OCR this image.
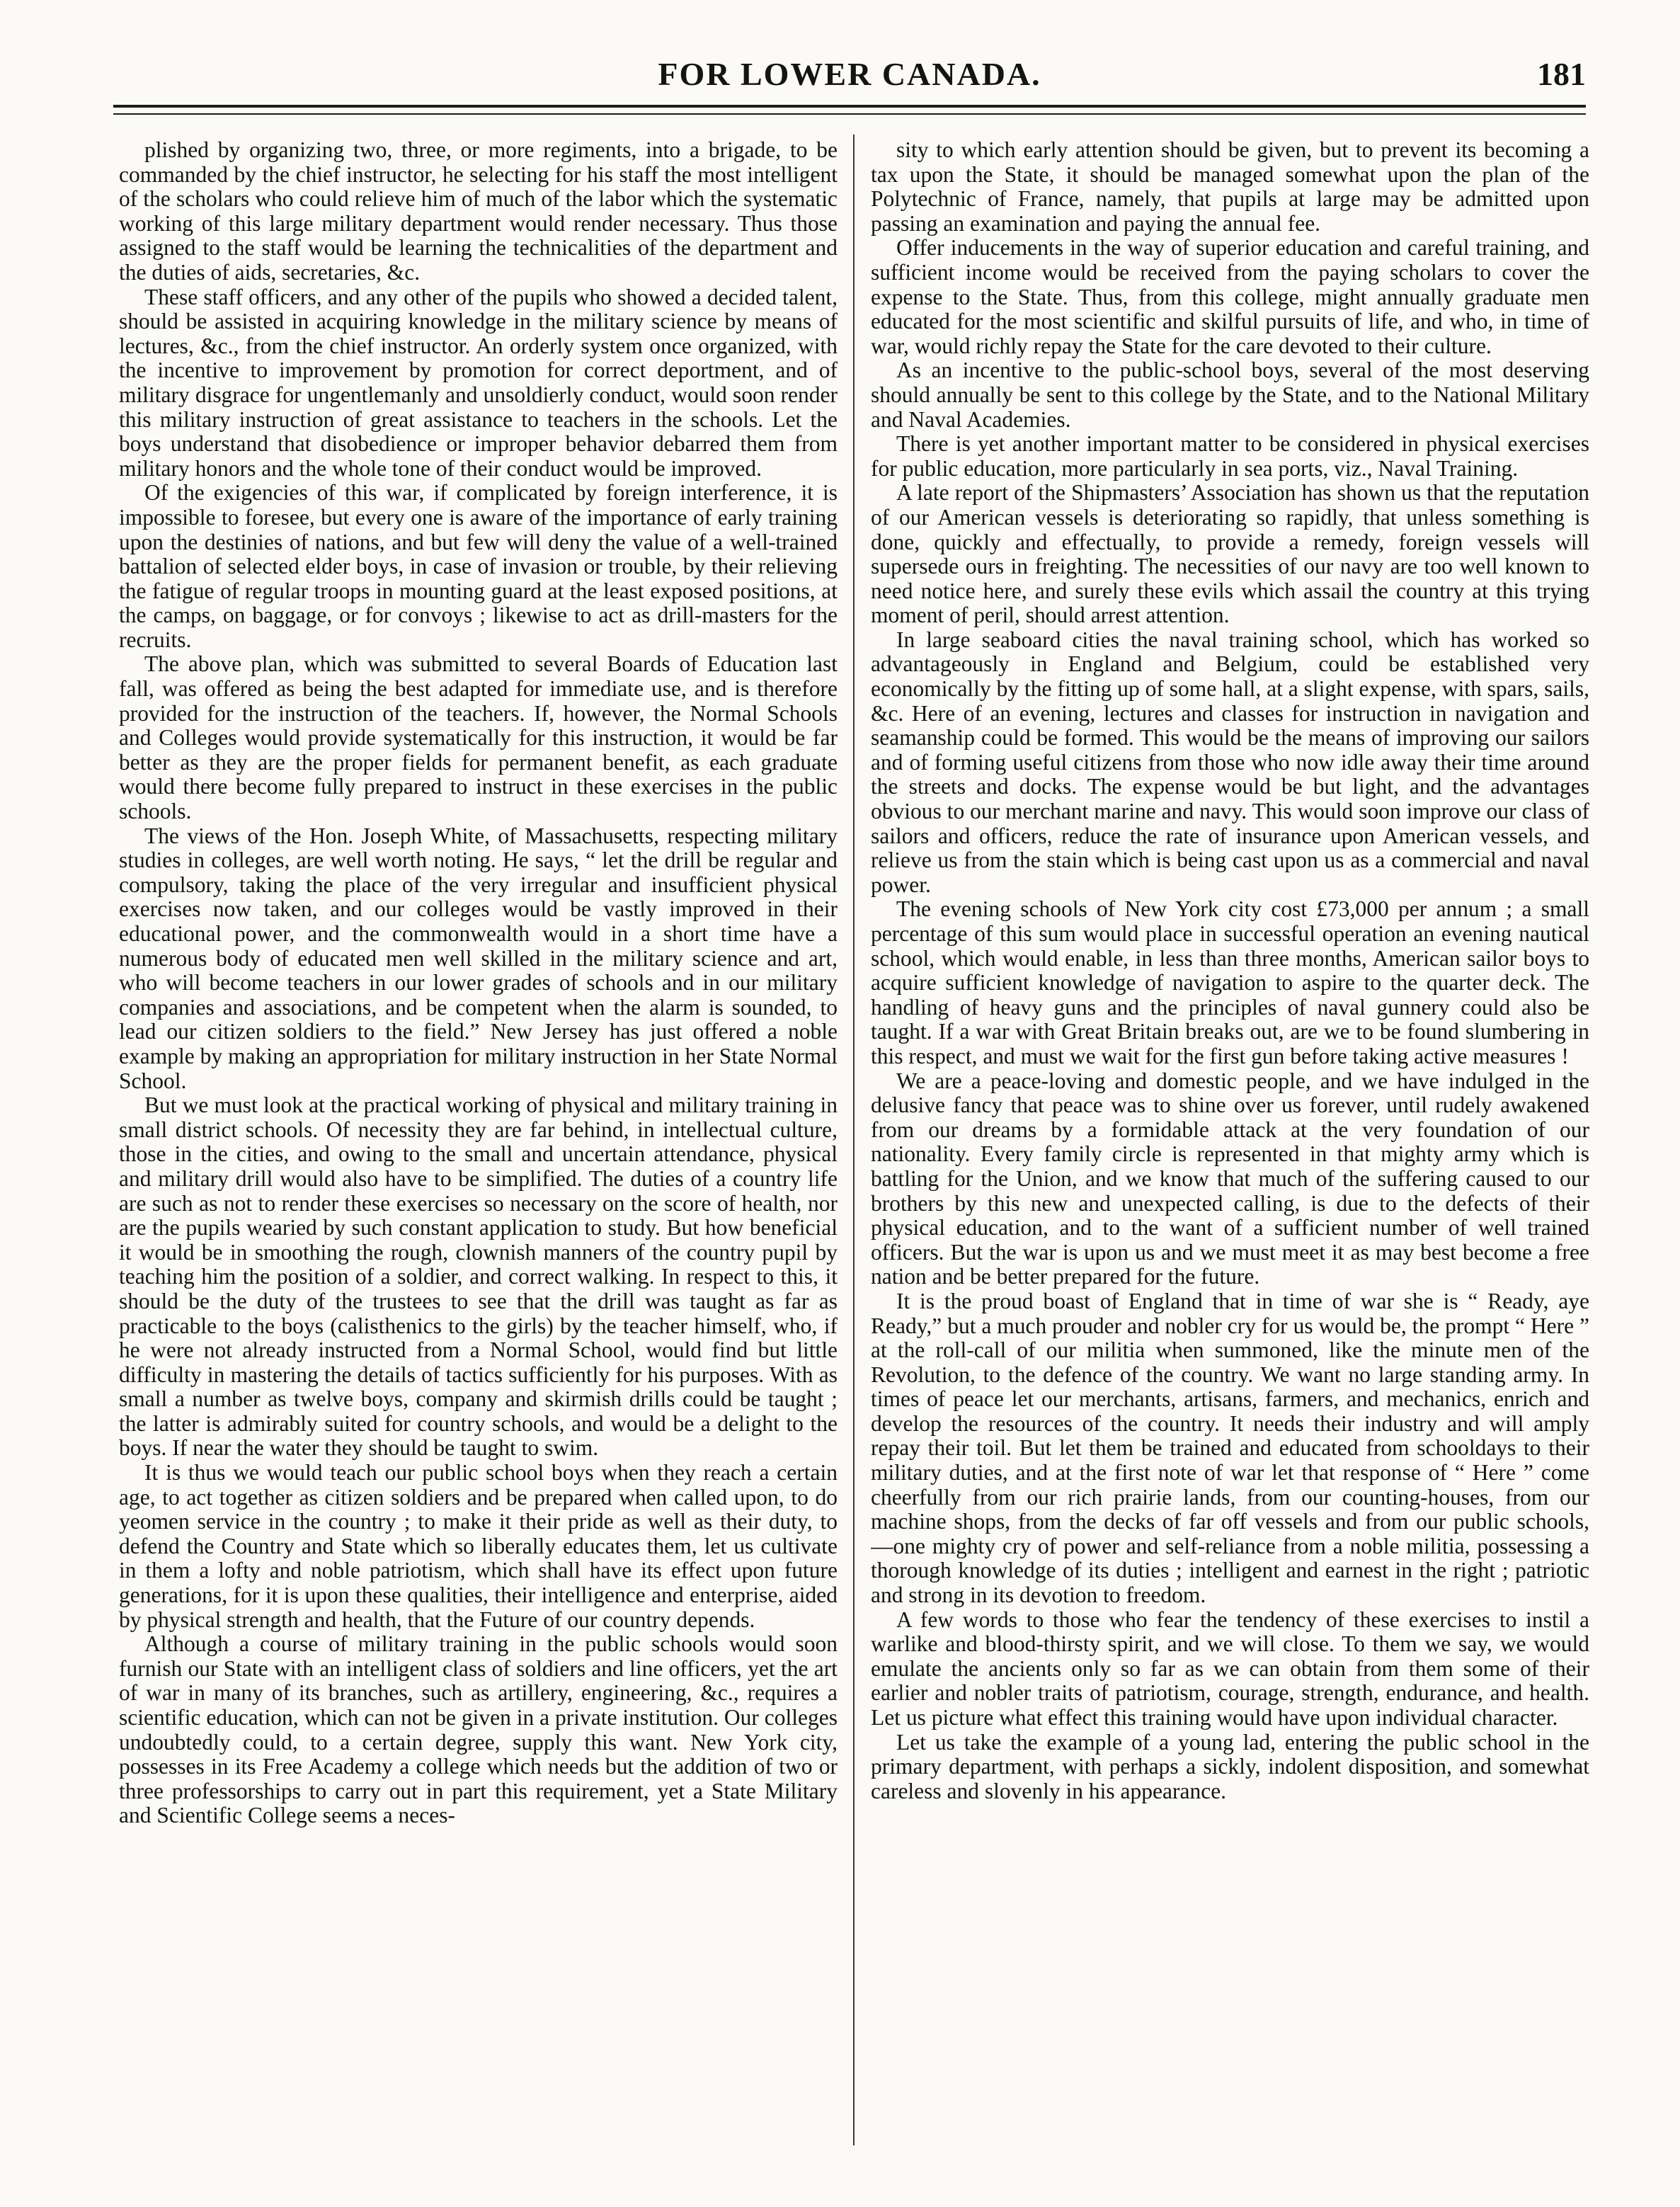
FOR LOWER CANADA.	181

plished by organizing two, three, or more regiments, into a brigade, to be commanded by the chief instructor, he selecting for his staff the most intelligent of the scholars who could relieve him of much of the labor which the systematic working of this large military department would render necessary. Thus those assigned to the staff would be learning the technicalities of the department and the duties of aids, secretaries, &c.

These staff officers, and any other of the pupils who showed a decided talent, should be assisted in acquiring knowledge in the military science by means of lectures, &c., from the chief instructor. An orderly system once organized, with the incentive to improvement by promotion for correct deportment, and of military disgrace for ungentlemanly and unsoldierly conduct, would soon render this military instruction of great assistance to teachers in the schools. Let the boys understand that disobedience or improper behavior debarred them from military honors and the whole tone of their conduct would be improved.

Of the exigencies of this war, if complicated by foreign interference, it is impossible to foresee, but every one is aware of the importance of early training upon the destinies of nations, and but few will deny the value of a well-trained battalion of selected elder boys, in case of invasion or trouble, by their relieving the fatigue of regular troops in mounting guard at the least exposed positions, at the camps, on baggage, or for convoys ; likewise to act as drill-masters for the recruits.

The above plan, which was submitted to several Boards of Education last fall, was offered as being the best adapted for immediate use, and is therefore provided for the instruction of the teachers. If, however, the Normal Schools and Colleges would provide systematically for this instruction, it would be far better as they are the proper fields for permanent benefit, as each graduate would there become fully prepared to instruct in these exercises in the public schools.

The views of the Hon. Joseph White, of Massachusetts, respecting military studies in colleges, are well worth noting. He says, “ let the drill be regular and compulsory, taking the place of the very irregular and insufficient physical exercises now taken, and our colleges would be vastly improved in their educational power, and the commonwealth would in a short time have a numerous body of educated men well skilled in the military science and art, who will become teachers in our lower grades of schools and in our military companies and associations, and be competent when the alarm is sounded, to lead our citizen soldiers to the field.” New Jersey has just offered a noble example by making an appropriation for military instruction in her State Normal School.

But we must look at the practical working of physical and military training in small district schools. Of necessity they are far behind, in intellectual culture, those in the cities, and owing to the small and uncertain attendance, physical and military drill would also have to be simplified. The duties of a country life are such as not to render these exercises so necessary on the score of health, nor are the pupils wearied by such constant application to study. But how beneficial it would be in smoothing the rough, clownish manners of the country pupil by teaching him the position of a soldier, and correct walking. In respect to this, it should be the duty of the trustees to see that the drill was taught as far as practicable to the boys (calisthenics to the girls) by the teacher himself, who, if he were not already instructed from a Normal School, would find but little difficulty in mastering the details of tactics sufficiently for his purposes. With as small a number as twelve boys, company and skirmish drills could be taught ; the latter is admirably suited for country schools, and would be a delight to the boys. If near the water they should be taught to swim.

It is thus we would teach our public school boys when they reach a certain age, to act together as citizen soldiers and be prepared when called upon, to do yeomen service in the country ; to make it their pride as well as their duty, to defend the Country and State which so liberally educates them, let us cultivate in them a lofty and noble patriotism, which shall have its effect upon future generations, for it is upon these qualities, their intelligence and enterprise, aided by physical strength and health, that the Future of our country depends.

Although a course of military training in the public schools would soon furnish our State with an intelligent class of soldiers and line officers, yet the art of war in many of its branches, such as artillery, engineering, &c., requires a scientific education, which can not be given in a private institution. Our colleges undoubtedly could, to a certain degree, supply this want. New York city, possesses in its Free Academy a college which needs but the addition of two or three professorships to carry out in part this requirement, yet a State Military and Scientific College seems a neces-

sity to which early attention should be given, but to prevent its becoming a tax upon the State, it should be managed somewhat upon the plan of the Polytechnic of France, namely, that pupils at large may be admitted upon passing an examination and paying the annual fee.

Offer inducements in the way of superior education and careful training, and sufficient income would be received from the paying scholars to cover the expense to the State. Thus, from this college, might annually graduate men educated for the most scientific and skilful pursuits of life, and who, in time of war, would richly repay the State for the care devoted to their culture.

As an incentive to the public-school boys, several of the most deserving should annually be sent to this college by the State, and to the National Military and Naval Academies.

There is yet another important matter to be considered in physical exercises for public education, more particularly in sea ports, viz., Naval Training.

A late report of the Shipmasters’ Association has shown us that the reputation of our American vessels is deteriorating so rapidly, that unless something is done, quickly and effectually, to provide a remedy, foreign vessels will supersede ours in freighting. The necessities of our navy are too well known to need notice here, and surely these evils which assail the country at this trying moment of peril, should arrest attention.

In large seaboard cities the naval training school, which has worked so advantageously in England and Belgium, could be established very economically by the fitting up of some hall, at a slight expense, with spars, sails, &c. Here of an evening, lectures and classes for instruction in navigation and seamanship could be formed. This would be the means of improving our sailors and of forming useful citizens from those who now idle away their time around the streets and docks. The expense would be but light, and the advantages obvious to our merchant marine and navy. This would soon improve our class of sailors and officers, reduce the rate of insurance upon American vessels, and relieve us from the stain which is being cast upon us as a commercial and naval power.

The evening schools of New York city cost £73,000 per annum ; a small percentage of this sum would place in successful operation an evening nautical school, which would enable, in less than three months, American sailor boys to acquire sufficient knowledge of navigation to aspire to the quarter deck. The handling of heavy guns and the principles of naval gunnery could also be taught. If a war with Great Britain breaks out, are we to be found slumbering in this respect, and must we wait for the first gun before taking active measures !

We are a peace-loving and domestic people, and we have indulged in the delusive fancy that peace was to shine over us forever, until rudely awakened from our dreams by a formidable attack at the very foundation of our nationality. Every family circle is represented in that mighty army which is battling for the Union, and we know that much of the suffering caused to our brothers by this new and unexpected calling, is due to the defects of their physical education, and to the want of a sufficient number of well trained officers. But the war is upon us and we must meet it as may best become a free nation and be better prepared for the future.

It is the proud boast of England that in time of war she is “ Ready, aye Ready,” but a much prouder and nobler cry for us would be, the prompt “ Here ” at the roll-call of our militia when summoned, like the minute men of the Revolution, to the defence of the country. We want no large standing army. In times of peace let our merchants, artisans, farmers, and mechanics, enrich and develop the resources of the country. It needs their industry and will amply repay their toil. But let them be trained and educated from schooldays to their military duties, and at the first note of war let that response of “ Here ” come cheerfully from our rich prairie lands, from our counting-houses, from our machine shops, from the decks of far off vessels and from our public schools, —one mighty cry of power and self-reliance from a noble militia, possessing a thorough knowledge of its duties ; intelligent and earnest in the right ; patriotic and strong in its devotion to freedom.

A few words to those who fear the tendency of these exercises to instil a warlike and blood-thirsty spirit, and we will close. To them we say, we would emulate the ancients only so far as we can obtain from them some of their earlier and nobler traits of patriotism, courage, strength, endurance, and health. Let us picture what effect this training would have upon individual character.

Let us take the example of a young lad, entering the public school in the primary department, with perhaps a sickly, indolent disposition, and somewhat careless and slovenly in his appearance.
